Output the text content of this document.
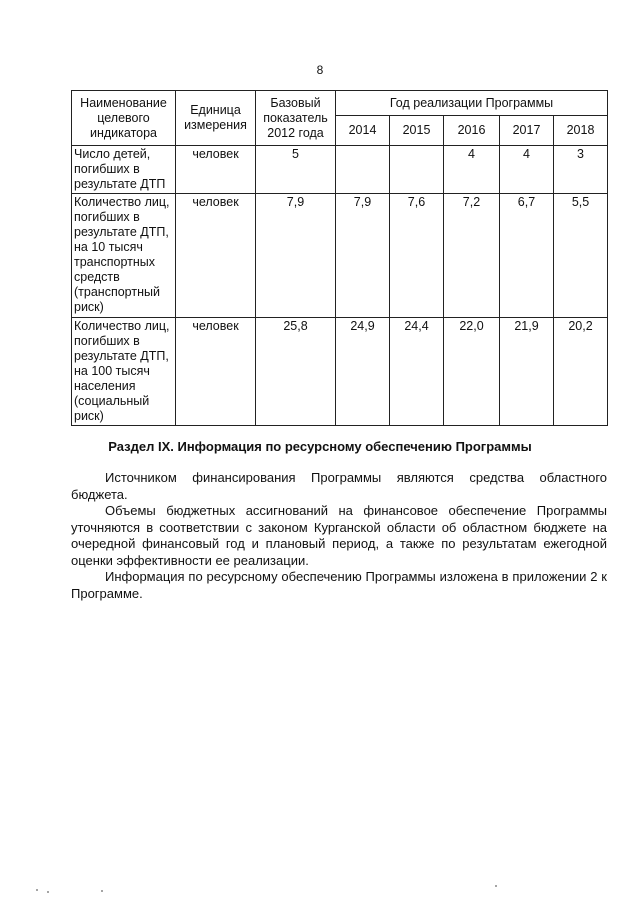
8
Наименование целевого индикатора	Единица измерения	Базовый показатель 2012 года	Год реализации Программы				
			2014	2015	2016	2017	2018
Число детей, погибших в результате ДТП	человек	5			4	4	3
Количество лиц, погибших в результате ДТП, на 10 тысяч транспортных средств (транспортный риск)	человек	7,9	7,9	7,6	7,2	6,7	5,5
Количество лиц, погибших в результате ДТП, на 100 тысяч населения (социальный риск)	человек	25,8	24,9	24,4	22,0	21,9	20,2
Раздел IX. Информация по ресурсному обеспечению Программы

Источником финансирования Программы являются средства областного бюджета.

Объемы бюджетных ассигнований на финансовое обеспечение Программы уточняются в соответствии с законом Курганской области об областном бюджете на очередной финансовый год и плановый период, а также по результатам ежегодной оценки эффективности ее реализации.

Информация по ресурсному обеспечению Программы изложена в приложении 2 к Программе.
